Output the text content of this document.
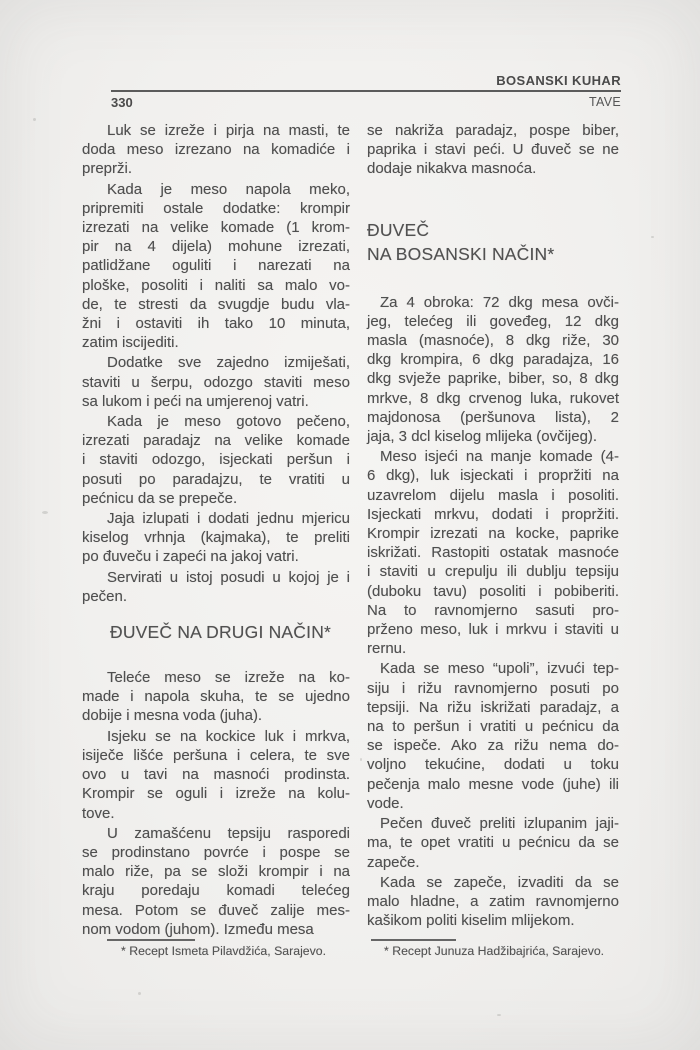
BOSANSKI KUHAR
330	TAVE
Luk se izreže i pirja na masti, te
doda meso izrezano na komadiće i
preprži.
Kada je meso napola meko,
pripremiti ostale dodatke: krompir
izrezati na velike komade (1 krom-
pir na 4 dijela) mohune izrezati,
patlidžane oguliti i narezati na
ploške, posoliti i naliti sa malo vo-
de, te stresti da svugdje budu vla-
žni i ostaviti ih tako 10 minuta,
zatim iscijediti.
Dodatke sve zajedno izmiješati,
staviti u šerpu, odozgo staviti meso
sa lukom i peći na umjerenoj vatri.
Kada je meso gotovo pečeno,
izrezati paradajz na velike komade
i staviti odozgo, isjeckati peršun i
posuti po paradajzu, te vratiti u
pećnicu da se prepeče.
Jaja izlupati i dodati jednu mjericu
kiselog vrhnja (kajmaka), te preliti
po đuveču i zapeći na jakoj vatri.
Servirati u istoj posudi u kojoj je i
pečen.
ĐUVEČ NA DRUGI NAČIN*
Teleće meso se izreže na ko-
made i napola skuha, te se ujedno
dobije i mesna voda (juha).
Isjeku se na kockice luk i mrkva,
isiječe lišće peršuna i celera, te sve
ovo u tavi na masnoći prodinsta.
Krompir se oguli i izreže na kolu-
tove.
U zamašćenu tepsiju rasporedi
se prodinstano povrće i pospe se
malo riže, pa se složi krompir i na
kraju poredaju komadi telećeg
mesa. Potom se đuveč zalije mes-
nom vodom (juhom). Između mesa
* Recept Ismeta Pilavdžića, Sarajevo.
se nakriža paradajz, pospe biber,
paprika i stavi peći. U đuveč se ne
dodaje nikakva masnoća.
ĐUVEČ
NA BOSANSKI NAČIN*
Za 4 obroka: 72 dkg mesa ovči-
jeg, telećeg ili goveđeg, 12 dkg
masla (masnoće), 8 dkg riže, 30
dkg krompira, 6 dkg paradajza, 16
dkg svježe paprike, biber, so, 8 dkg
mrkve, 8 dkg crvenog luka, rukovet
majdonosa (peršunova lista), 2
jaja, 3 dcl kiselog mlijeka (ovčijeg).
Meso isjeći na manje komade (4-
6 dkg), luk isjeckati i propržiti na
uzavrelom dijelu masla i posoliti.
Isjeckati mrkvu, dodati i propržiti.
Krompir izrezati na kocke, paprike
iskrižati. Rastopiti ostatak masnoće
i staviti u crepulju ili dublju tepsiju
(duboku tavu) posoliti i pobiberiti.
Na to ravnomjerno sasuti pro-
prženo meso, luk i mrkvu i staviti u
rernu.
Kada se meso “upoli”, izvući tep-
siju i rižu ravnomjerno posuti po
tepsiji. Na rižu iskrižati paradajz, a
na to peršun i vratiti u pećnicu da
se ispeče. Ako za rižu nema do-
voljno tekućine, dodati u toku
pečenja malo mesne vode (juhe) ili
vode.
Pečen đuveč preliti izlupanim jaji-
ma, te opet vratiti u pećnicu da se
zapeče.
Kada se zapeče, izvaditi da se
malo hladne, a zatim ravnomjerno
kašikom politi kiselim mlijekom.
* Recept Junuza Hadžibajrića, Sarajevo.
